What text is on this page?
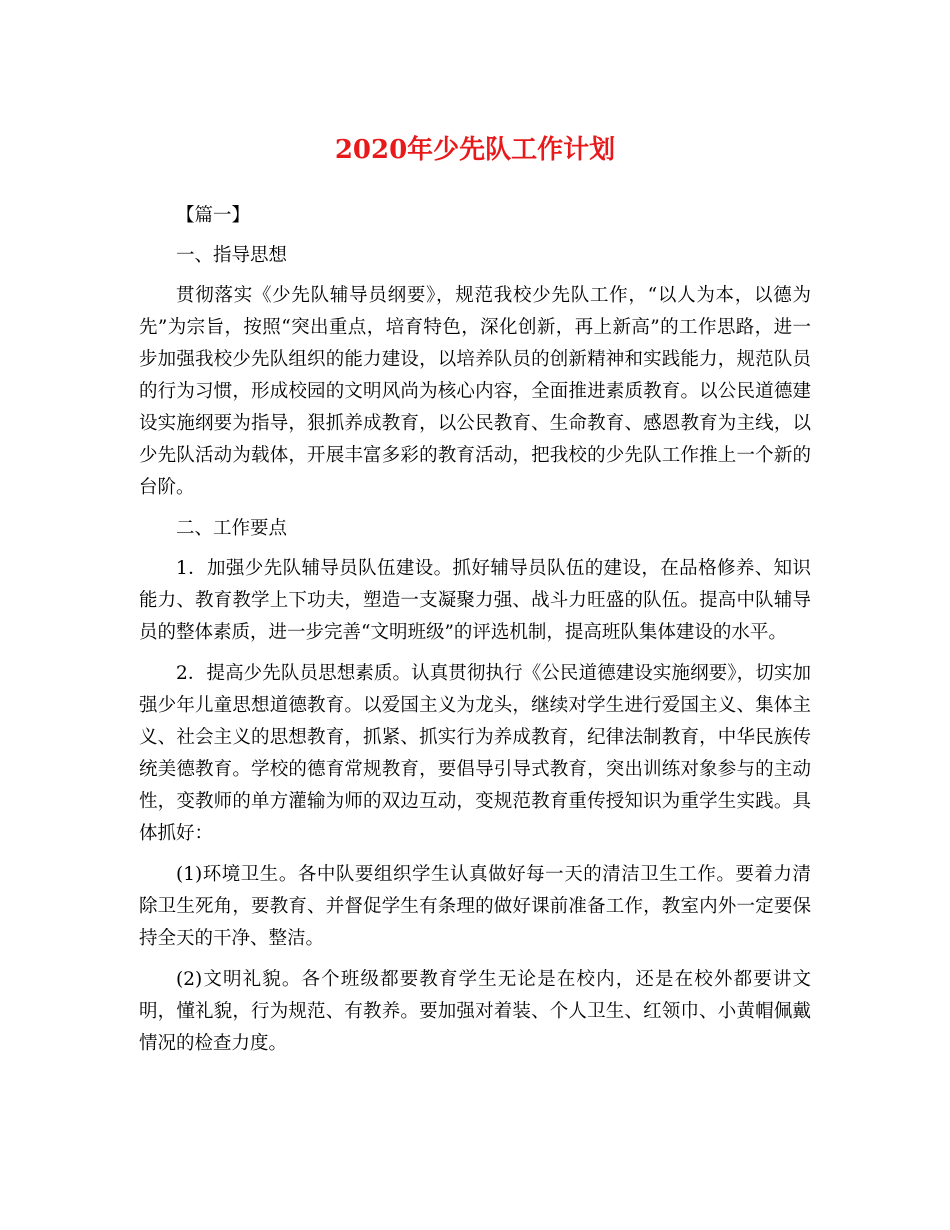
2020年少先队工作计划

【篇一】

一、指导思想

贯彻落实《少先队辅导员纲要》，规范我校少先队工作，“以人为本，以德为先”为宗旨，按照“突出重点，培育特色，深化创新，再上新高”的工作思路，进一步加强我校少先队组织的能力建设，以培养队员的创新精神和实践能力，规范队员的行为习惯，形成校园的文明风尚为核心内容，全面推进素质教育。以公民道德建设实施纲要为指导，狠抓养成教育，以公民教育、生命教育、感恩教育为主线，以少先队活动为载体，开展丰富多彩的教育活动，把我校的少先队工作推上一个新的台阶。

二、工作要点

1．加强少先队辅导员队伍建设。抓好辅导员队伍的建设，在品格修养、知识能力、教育教学上下功夫，塑造一支凝聚力强、战斗力旺盛的队伍。提高中队辅导员的整体素质，进一步完善“文明班级”的评选机制，提高班队集体建设的水平。

2．提高少先队员思想素质。认真贯彻执行《公民道德建设实施纲要》，切实加强少年儿童思想道德教育。以爱国主义为龙头，继续对学生进行爱国主义、集体主义、社会主义的思想教育，抓紧、抓实行为养成教育，纪律法制教育，中华民族传统美德教育。学校的德育常规教育，要倡导引导式教育，突出训练对象参与的主动性，变教师的单方灌输为师的双边互动，变规范教育重传授知识为重学生实践。具体抓好：

(1)环境卫生。各中队要组织学生认真做好每一天的清洁卫生工作。要着力清除卫生死角，要教育、并督促学生有条理的做好课前准备工作，教室内外一定要保持全天的干净、整洁。

(2)文明礼貌。各个班级都要教育学生无论是在校内，还是在校外都要讲文明，懂礼貌，行为规范、有教养。要加强对着装、个人卫生、红领巾、小黄帽佩戴情况的检查力度。
